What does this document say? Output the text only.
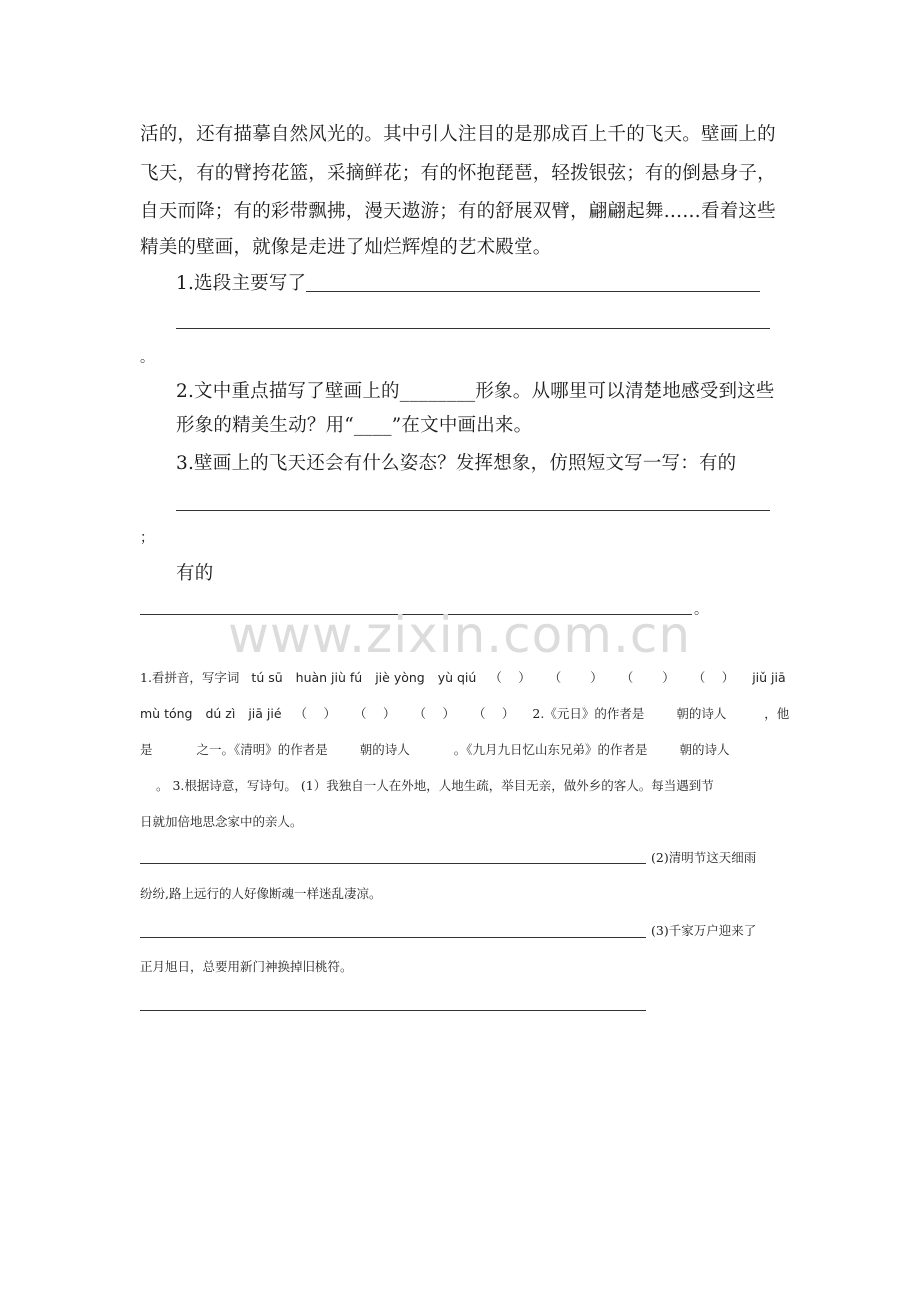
活的，还有描摹自然风光的。其中引人注目的是那成百上千的飞天。壁画上的
飞天，有的臂挎花篮，采摘鲜花；有的怀抱琵琶，轻拨银弦；有的倒悬身子，
自天而降；有的彩带飘拂，漫天遨游；有的舒展双臂，翩翩起舞……看着这些
精美的壁画，就像是走进了灿烂辉煌的艺术殿堂。
1.选段主要写了
。
2.文中重点描写了壁画上的________形象。从哪里可以清楚地感受到这些
形象的精美生动？用“____”在文中画出来。
3.壁画上的飞天还会有什么姿态？发挥想象，仿照短文写一写：有的
；
有的
。
www.zixin.com.cn
1.看拼音，写字词 tú sū huàn jiù fú jiè yòng yù qiú （　 ） （　　 ） （　　 ） （　 ） jiǔ jiā
mù tóng dú zì jiā jié （　 ） （　 ） （　 ） （　 ） 2.《元日》的作者是	朝的诗人	，他
是	之一。《清明》的作者是	朝的诗人	。《九月九日忆山东兄弟》的作者是	朝的诗人
。 3.根据诗意，写诗句。 (1）我独自一人在外地，人地生疏，举目无亲，做外乡的客人。每当遇到节
日就加倍地思念家中的亲人。
(2)清明节这天细雨
纷纷,路上远行的人好像断魂一样迷乱凄凉。
(3)千家万户迎来了
正月旭日，总要用新门神换掉旧桃符。
